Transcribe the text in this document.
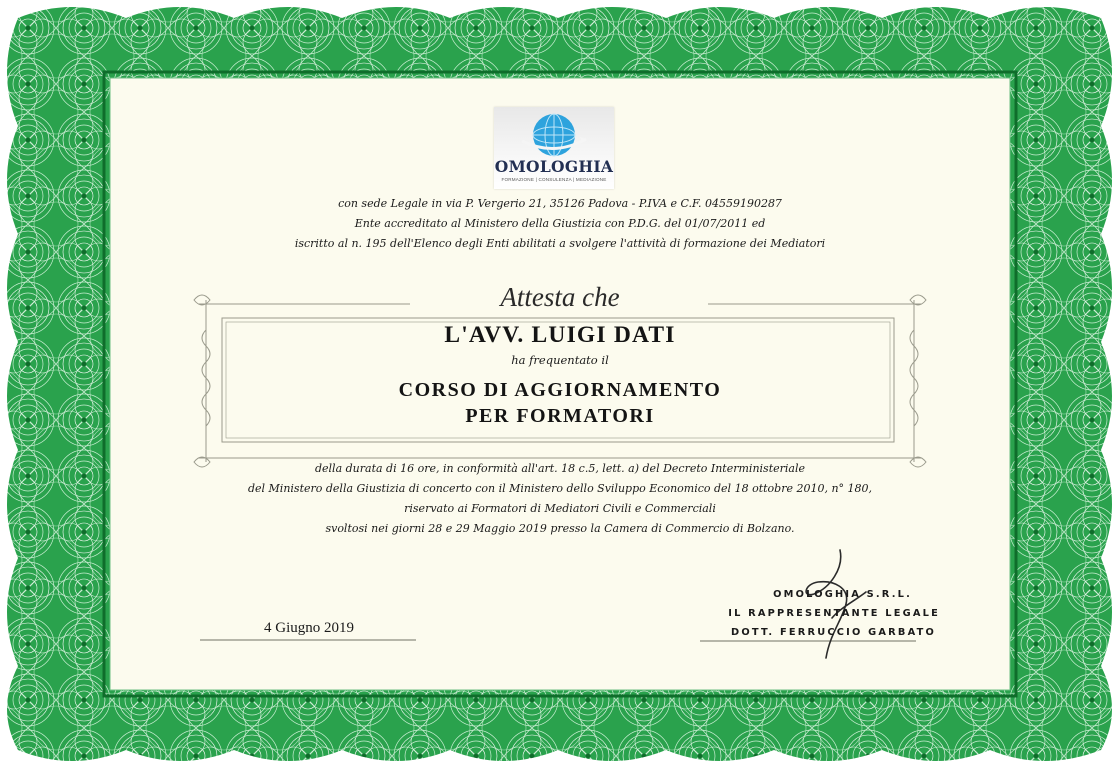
OMOLOGHIA
FORMAZIONE | CONSULENZA | MEDIAZIONE
con sede Legale in via P. Vergerio 21, 35126 Padova - P.IVA e C.F. 04559190287
Ente accreditato al Ministero della Giustizia con P.D.G. del 01/07/2011 ed
iscritto al n. 195 dell'Elenco degli Enti abilitati a svolgere l'attività di formazione dei Mediatori
Attesta che
L'AVV. LUIGI DATI
ha frequentato il
CORSO DI AGGIORNAMENTO
PER FORMATORI
della durata di 16 ore, in conformità all'art. 18 c.5, lett. a) del Decreto Interministeriale
del Ministero della Giustizia di concerto con il Ministero dello Sviluppo Economico del 18 ottobre 2010, n° 180,
riservato ai Formatori di Mediatori Civili e Commerciali
svoltosi nei giorni 28 e 29 Maggio 2019 presso la Camera di Commercio di Bolzano.
4 Giugno 2019
OMOLOGHIA S.R.L.
IL RAPPRESENTANTE LEGALE
DOTT. FERRUCCIO GARBATO
